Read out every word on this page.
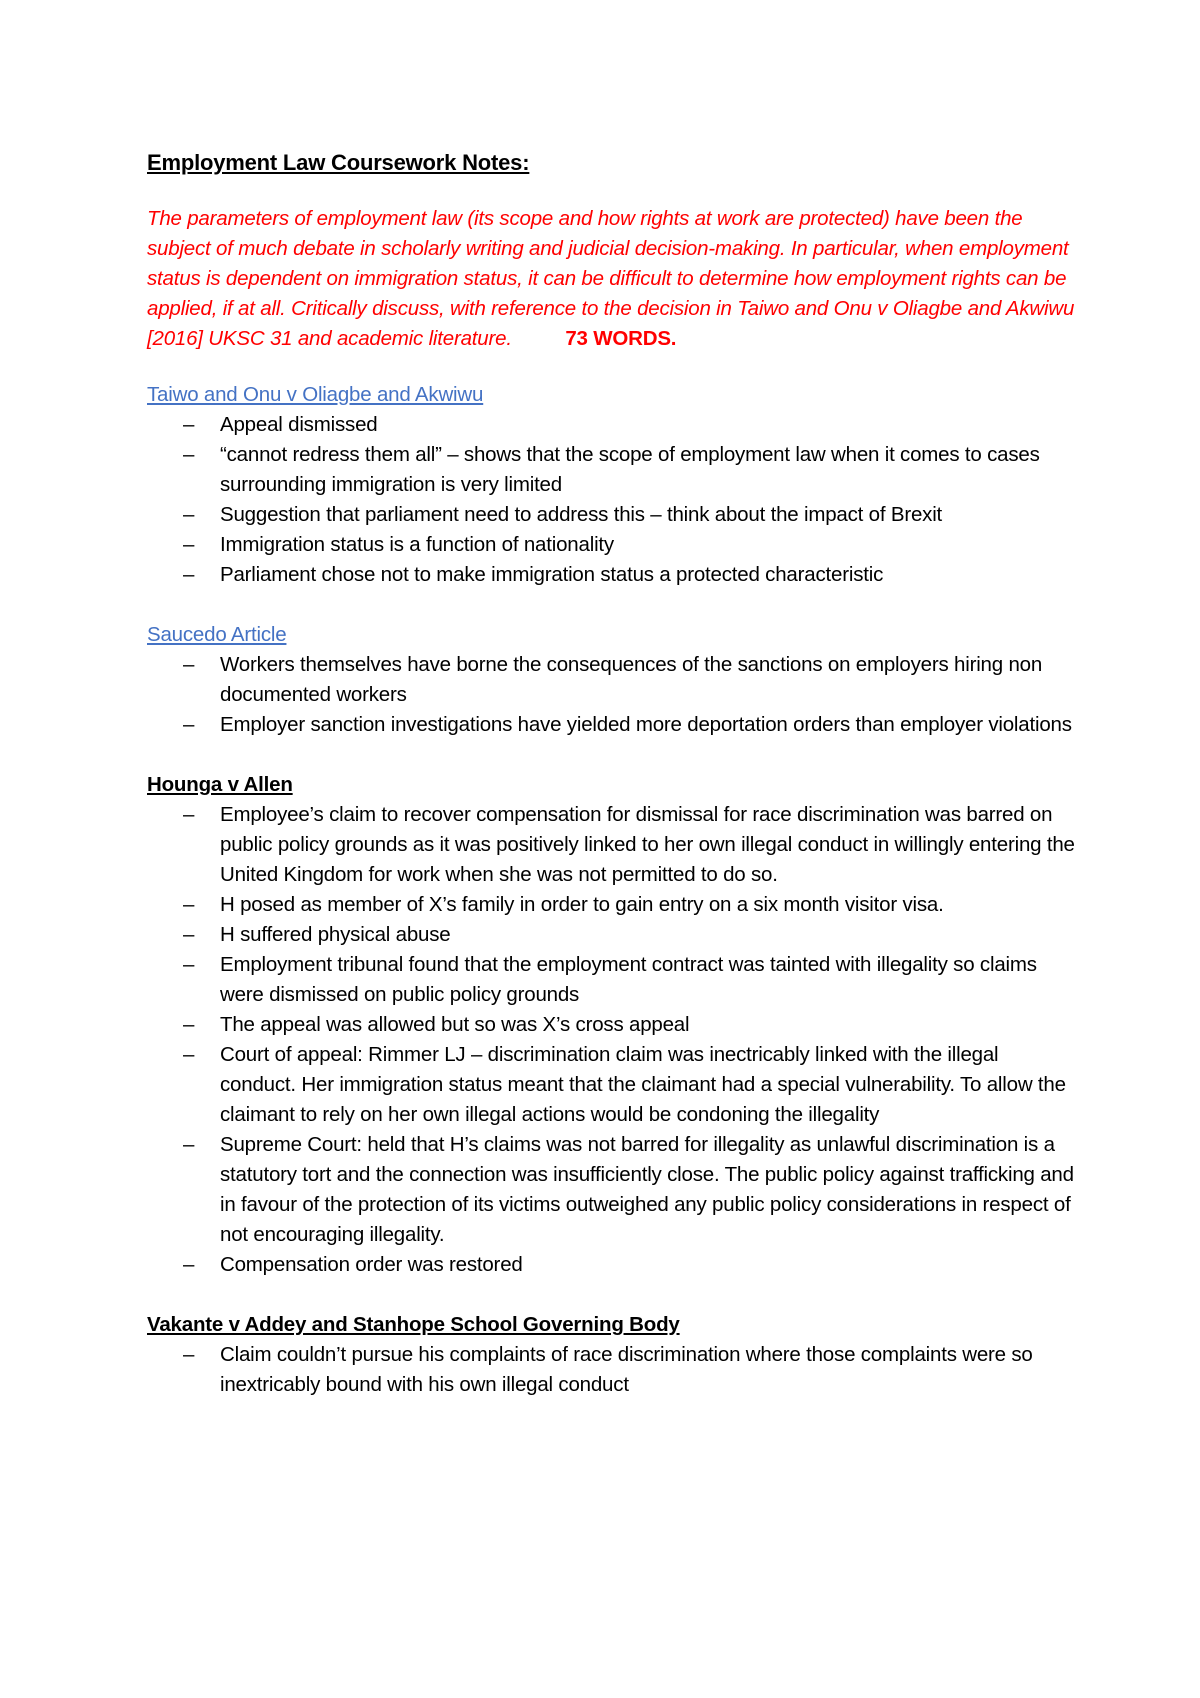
Employment Law Coursework Notes:
The parameters of employment law (its scope and how rights at work are protected) have been the subject of much debate in scholarly writing and judicial decision-making. In particular, when employment status is dependent on immigration status, it can be difficult to determine how employment rights can be applied, if at all. Critically discuss, with reference to the decision in Taiwo and Onu v Oliagbe and Akwiwu [2016] UKSC 31 and academic literature.	73 WORDS.
Taiwo and Onu v Oliagbe and Akwiwu
– Appeal dismissed
– “cannot redress them all” – shows that the scope of employment law when it comes to cases surrounding immigration is very limited
– Suggestion that parliament need to address this – think about the impact of Brexit
– Immigration status is a function of nationality
– Parliament chose not to make immigration status a protected characteristic
Saucedo Article
– Workers themselves have borne the consequences of the sanctions on employers hiring non documented workers
– Employer sanction investigations have yielded more deportation orders than employer violations
Hounga v Allen
– Employee’s claim to recover compensation for dismissal for race discrimination was barred on public policy grounds as it was positively linked to her own illegal conduct in willingly entering the United Kingdom for work when she was not permitted to do so.
– H posed as member of X’s family in order to gain entry on a six month visitor visa.
– H suffered physical abuse
– Employment tribunal found that the employment contract was tainted with illegality so claims were dismissed on public policy grounds
– The appeal was allowed but so was X’s cross appeal
– Court of appeal: Rimmer LJ – discrimination claim was inectricably linked with the illegal conduct. Her immigration status meant that the claimant had a special vulnerability. To allow the claimant to rely on her own illegal actions would be condoning the illegality
– Supreme Court: held that H’s claims was not barred for illegality as unlawful discrimination is a statutory tort and the connection was insufficiently close. The public policy against trafficking and in favour of the protection of its victims outweighed any public policy considerations in respect of not encouraging illegality.
– Compensation order was restored
Vakante v Addey and Stanhope School Governing Body
– Claim couldn’t pursue his complaints of race discrimination where those complaints were so inextricably bound with his own illegal conduct
